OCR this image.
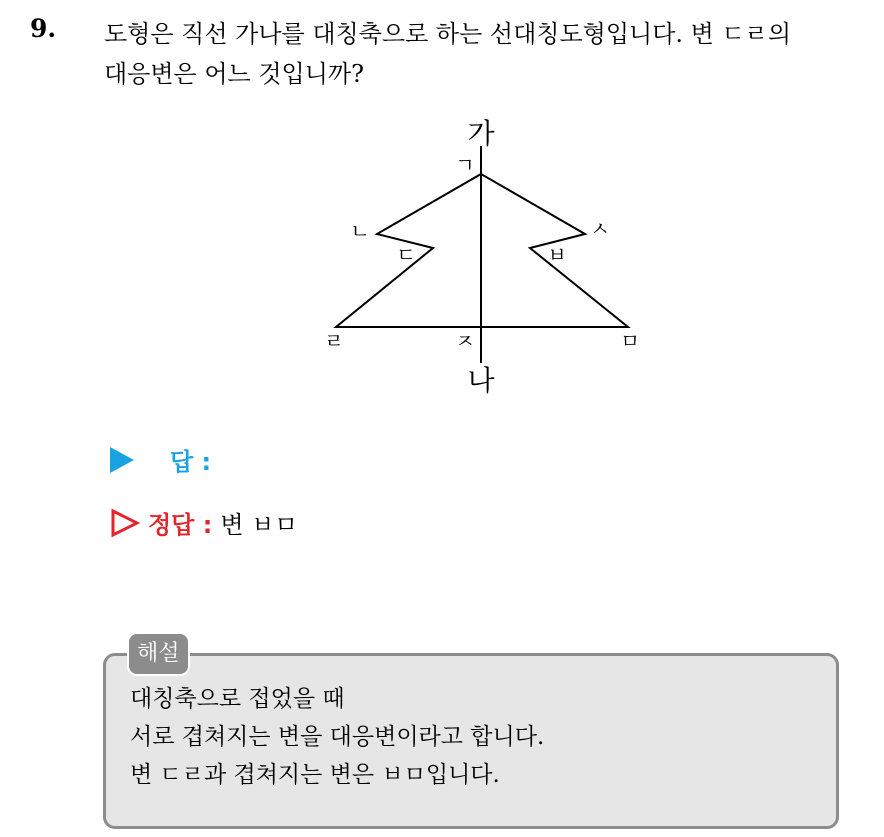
9. 도형은 직선 가나를 대칭축으로 하는 선대칭도형입니다. 변 ㄷㄹ의
대응변은 어느 것입니까?
가
나
ㄱ
ㄴ
ㄷ
ㄹ	ㅈ
ㅅ
ㅂ
ㅁ
답 :
정답 : 변 ㅂㅁ
해설
대칭축으로 접었을 때
서로 겹쳐지는 변을 대응변이라고 합니다.
변 ㄷㄹ과 겹쳐지는 변은 ㅂㅁ입니다.
